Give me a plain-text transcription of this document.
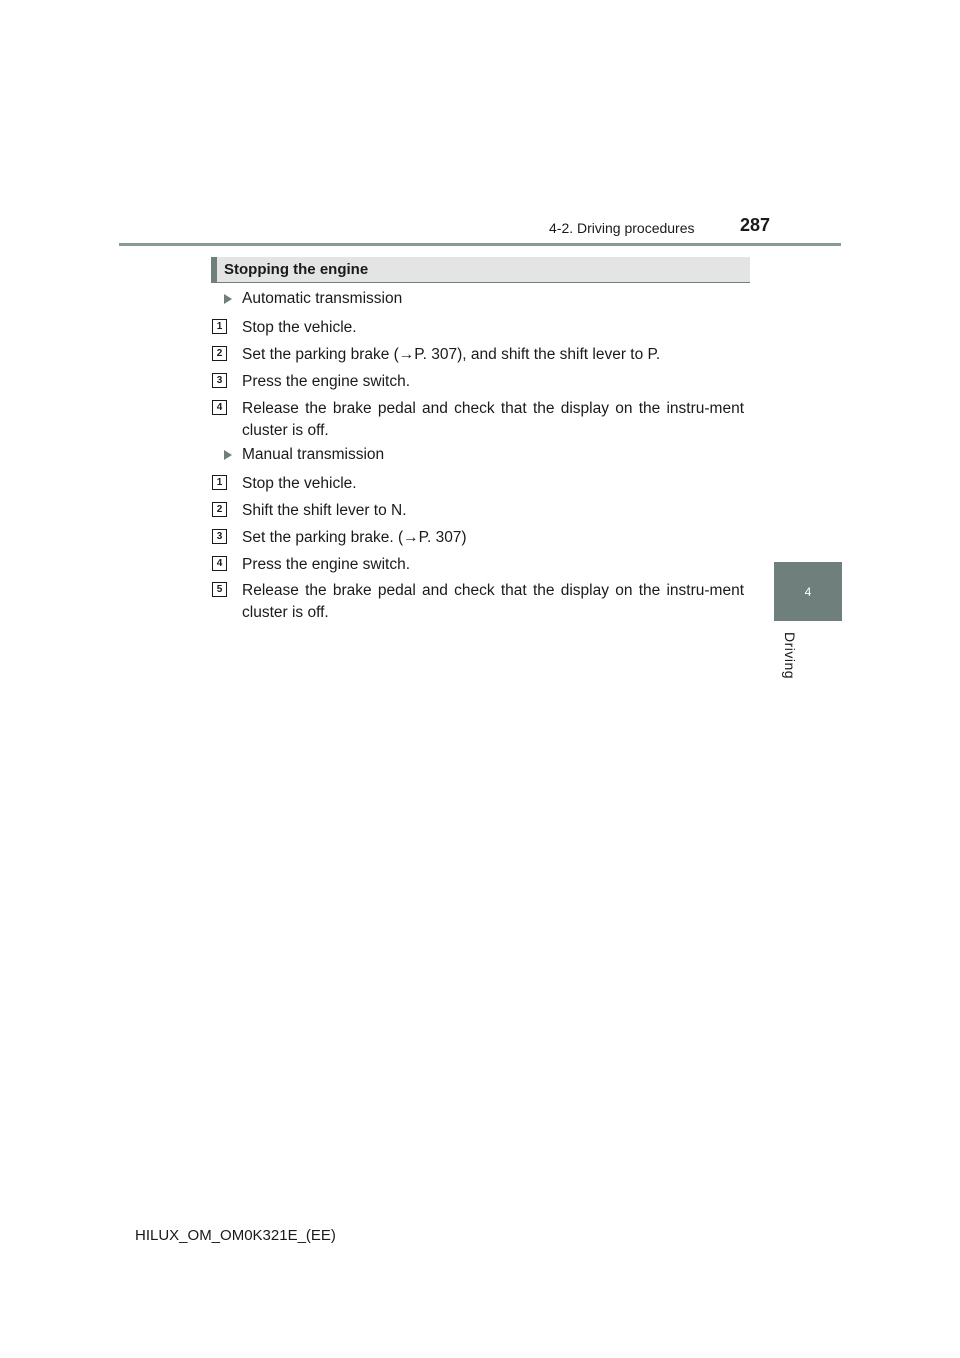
4-2. Driving procedures	287
4
Driving
Stopping the engine
Automatic transmission
1	Stop the vehicle.
2	Set the parking brake (→P. 307), and shift the shift lever to P.
3	Press the engine switch.
4	Release the brake pedal and check that the display on the instru-ment cluster is off.
Manual transmission
1	Stop the vehicle.
2	Shift the shift lever to N.
3	Set the parking brake. (→P. 307)
4	Press the engine switch.
5	Release the brake pedal and check that the display on the instru-ment cluster is off.
HILUX_OM_OM0K321E_(EE)
